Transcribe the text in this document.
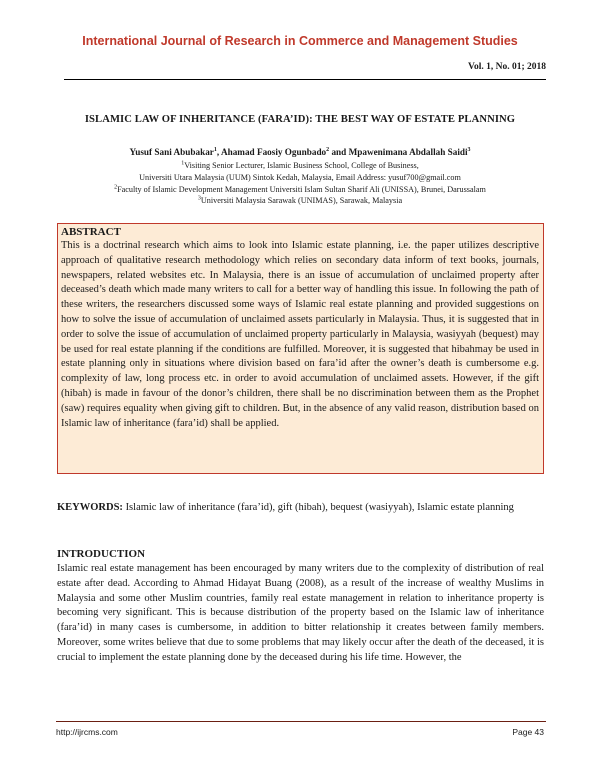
International Journal of Research in Commerce and Management Studies
Vol. 1, No. 01; 2018
ISLAMIC LAW OF INHERITANCE (FARA’ID): THE BEST WAY OF ESTATE PLANNING
Yusuf Sani Abubakar$^1$, Ahamad Faosiy Ogunbado$^2$ and Mpawenimana Abdallah Saidi$^3$
$^1$Visiting Senior Lecturer, Islamic Business School, College of Business,
Universiti Utara Malaysia (UUM) Sintok Kedah, Malaysia, Email Address: yusuf700@gmail.com
$^2$Faculty of Islamic Development Management Universiti Islam Sultan Sharif Ali (UNISSA), Brunei, Darussalam
$^3$Universiti Malaysia Sarawak (UNIMAS), Sarawak, Malaysia
ABSTRACT
This is a doctrinal research which aims to look into Islamic estate planning, i.e. the paper utilizes descriptive approach of qualitative research methodology which relies on secondary data inform of text books, journals, newspapers, related websites etc. In Malaysia, there is an issue of accumulation of unclaimed property after deceased’s death which made many writers to call for a better way of handling this issue. In following the path of these writers, the researchers discussed some ways of Islamic real estate planning and provided suggestions on how to solve the issue of accumulation of unclaimed assets particularly in Malaysia. Thus, it is suggested that in order to solve the issue of accumulation of unclaimed property particularly in Malaysia, wasiyyah (bequest) may be used for real estate planning if the conditions are fulfilled. Moreover, it is suggested that hibahmay be used in estate planning only in situations where division based on fara’id after the owner’s death is cumbersome e.g. complexity of law, long process etc. in order to avoid accumulation of unclaimed assets. However, if the gift (hibah) is made in favour of the donor’s children, there shall be no discrimination between them as the Prophet (saw) requires equality when giving gift to children. But, in the absence of any valid reason, distribution based on Islamic law of inheritance (fara’id) shall be applied.
KEYWORDS: Islamic law of inheritance (fara’id), gift (hibah), bequest (wasiyyah), Islamic estate planning
INTRODUCTION
Islamic real estate management has been encouraged by many writers due to the complexity of distribution of real estate after dead. According to Ahmad Hidayat Buang (2008), as a result of the increase of wealthy Muslims in Malaysia and some other Muslim countries, family real estate management in relation to inheritance property is becoming very significant. This is because distribution of the property based on the Islamic law of inheritance (fara’id) in many cases is cumbersome, in addition to bitter relationship it creates between family members. Moreover, some writes believe that due to some problems that may likely occur after the death of the deceased, it is crucial to implement the estate planning done by the deceased during his life time. However, the
http://ijrcms.com	Page 43
